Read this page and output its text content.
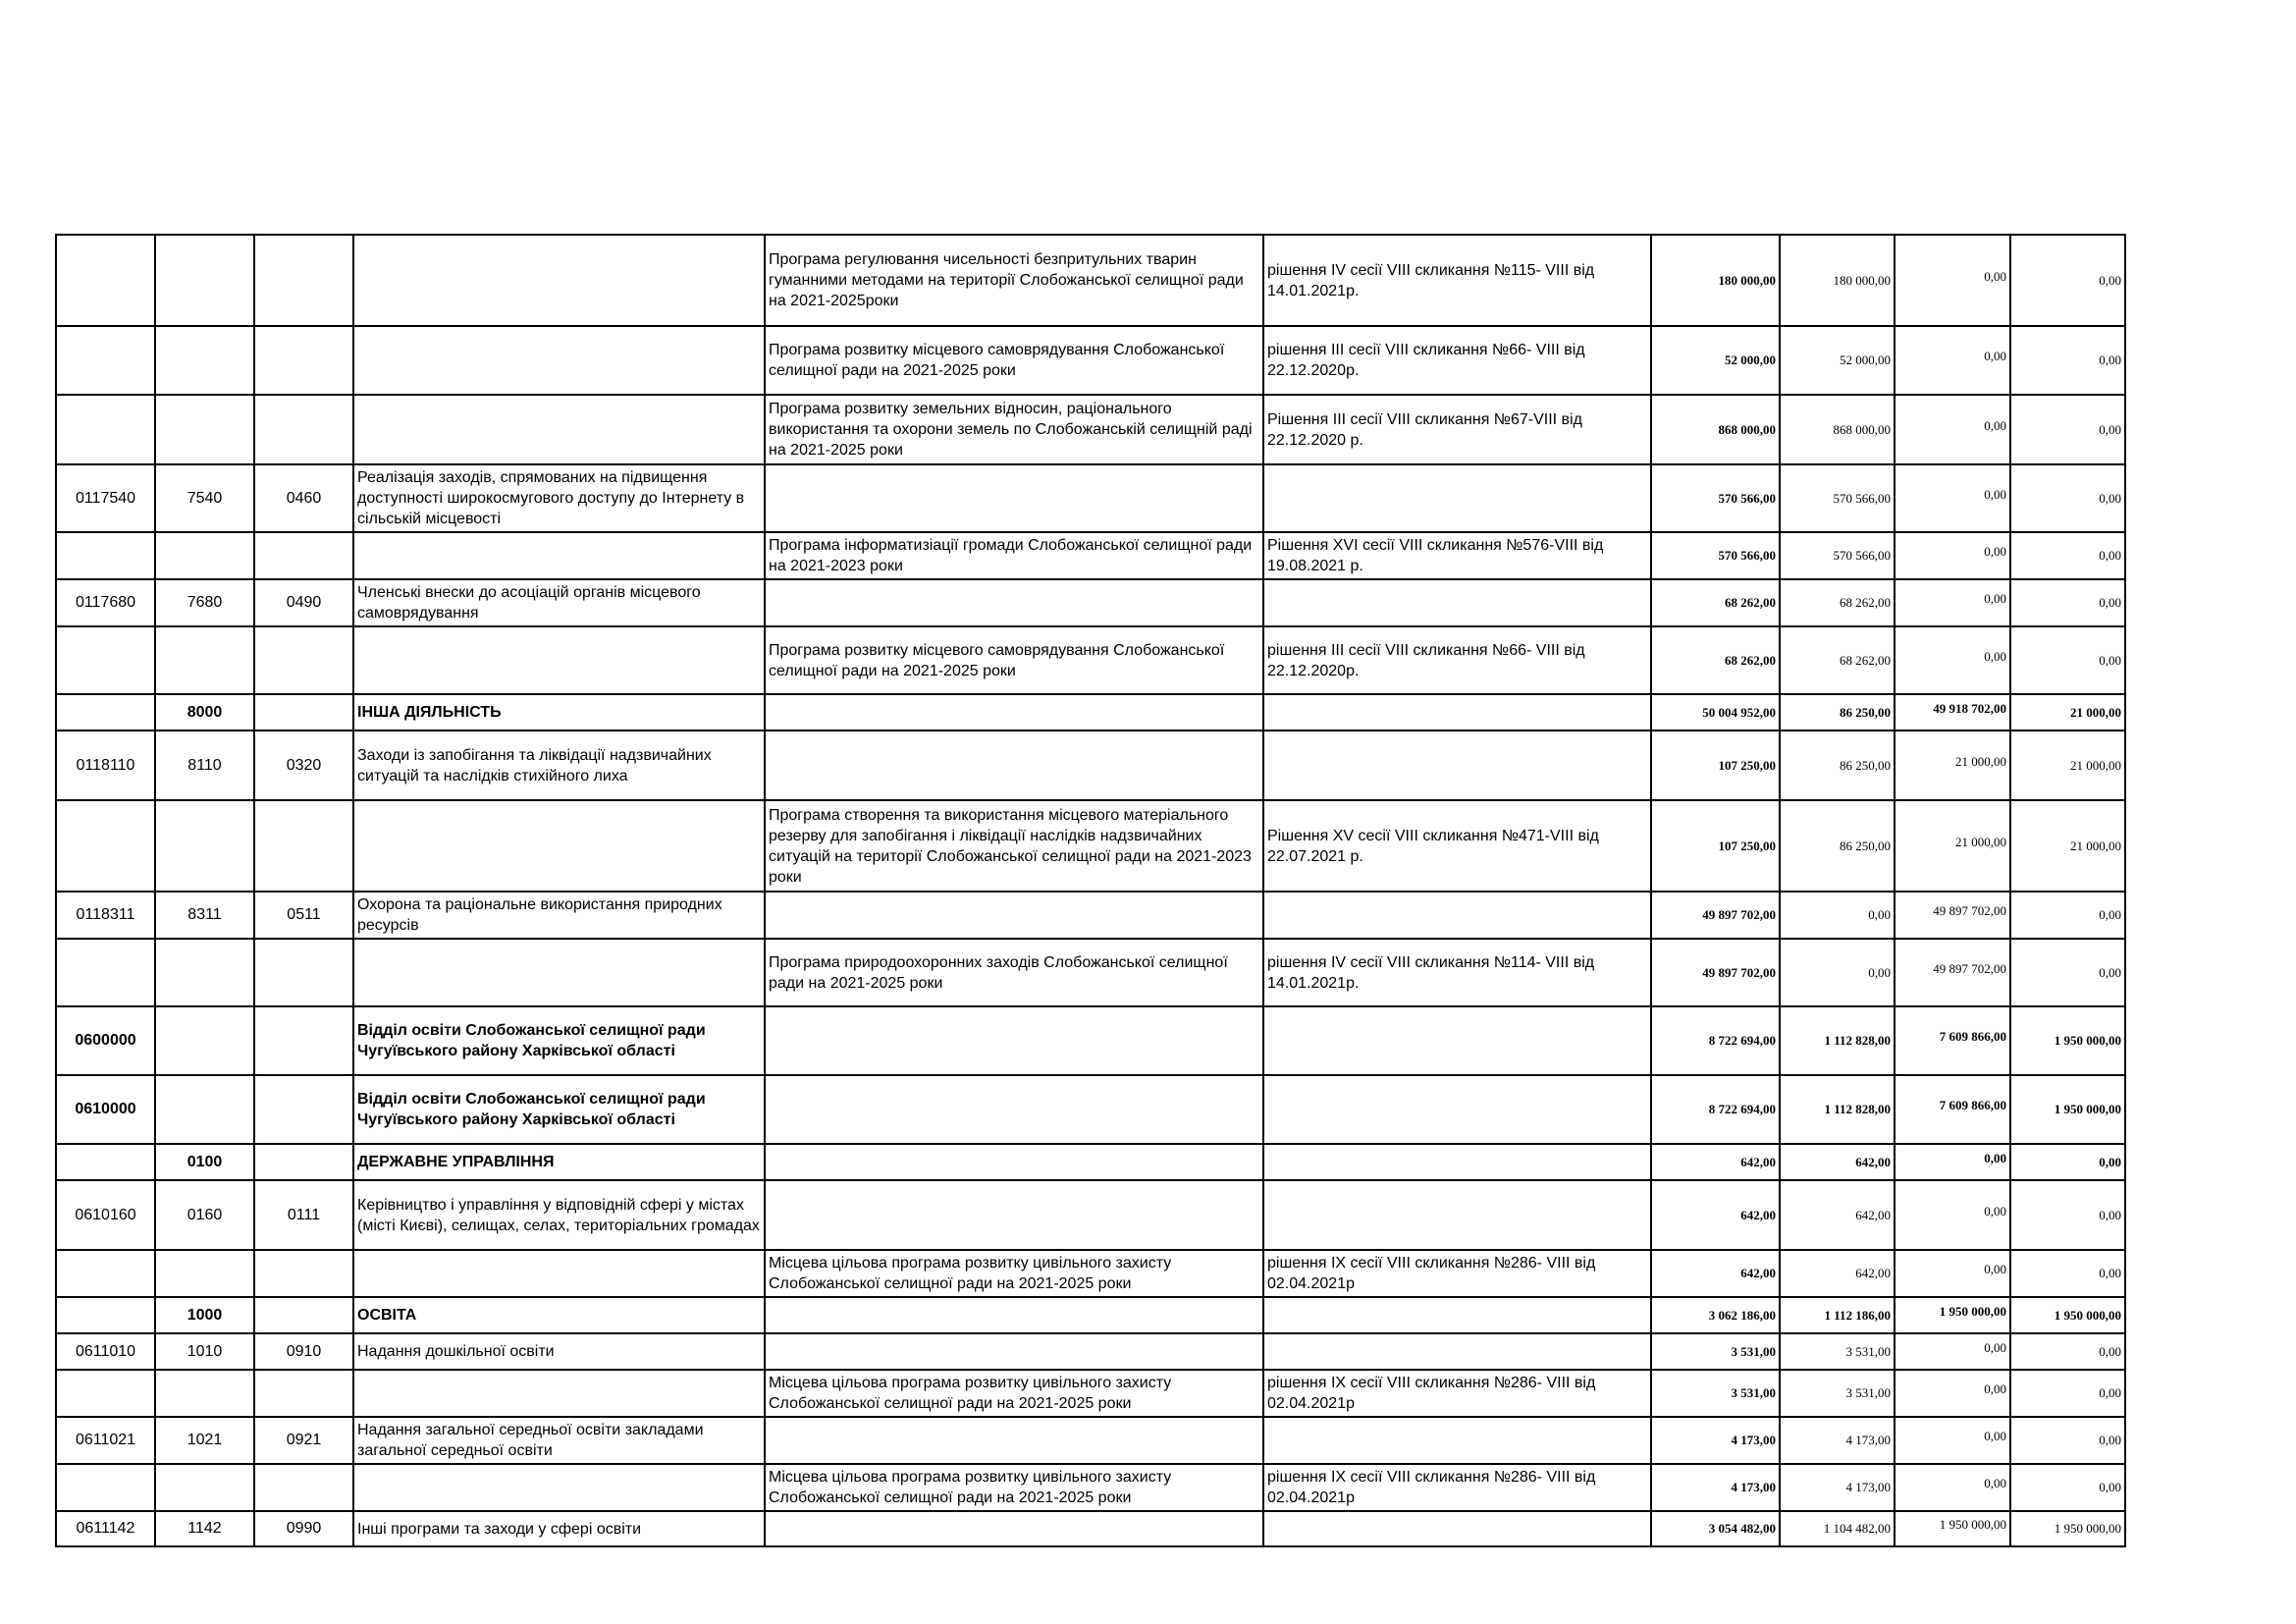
				Програма регулювання чисельності безпритульних тварин гуманними методами на території Слобожанської селищної ради на 2021-2025роки	рішення IV сесії VIII скликання №115- VIII від 14.01.2021р.	180 000,00	180 000,00	0,00	0,00
				Програма розвитку місцевого самоврядування Слобожанської селищної ради на 2021-2025 роки	рішення III сесії VIII скликання №66- VIII від 22.12.2020р.	52 000,00	52 000,00	0,00	0,00
				Програма розвитку земельних відносин, раціонального використання та охорони земель по Слобожанській селищній раді на 2021-2025 роки	Рішення III сесії VIII скликання №67-VIII від 22.12.2020 р.	868 000,00	868 000,00	0,00	0,00
0117540	7540	0460	Реалізація заходів, спрямованих на підвищення доступності широкосмугового доступу до Інтернету в сільській місцевості			570 566,00	570 566,00	0,00	0,00
				Програма інформатизіації громади Слобожанської селищної ради на 2021-2023 роки	Рішення XVI сесії VIII скликання №576-VIII від 19.08.2021 р.	570 566,00	570 566,00	0,00	0,00
0117680	7680	0490	Членські внески до асоціацій органів місцевого самоврядування			68 262,00	68 262,00	0,00	0,00
				Програма розвитку місцевого самоврядування Слобожанської селищної ради на 2021-2025 роки	рішення III сесії VIII скликання №66- VIII від 22.12.2020р.	68 262,00	68 262,00	0,00	0,00
	8000		ІНША ДІЯЛЬНІСТЬ			50 004 952,00	86 250,00	49 918 702,00	21 000,00
0118110	8110	0320	Заходи із запобігання та ліквідації надзвичайних ситуацій та наслідків стихійного лиха			107 250,00	86 250,00	21 000,00	21 000,00
				Програма створення та використання місцевого матеріального резерву для запобігання і ліквідації наслідків надзвичайних ситуацій на території Слобожанської селищної ради на 2021-2023 роки	Рішення XV сесії VIII скликання №471-VIII від 22.07.2021 р.	107 250,00	86 250,00	21 000,00	21 000,00
0118311	8311	0511	Охорона та раціональне використання природних ресурсів			49 897 702,00	0,00	49 897 702,00	0,00
				Програма природоохоронних заходів Слобожанської селищної ради на 2021-2025 роки	рішення IV сесії VIII скликання №114- VIII від 14.01.2021р.	49 897 702,00	0,00	49 897 702,00	0,00
0600000			Відділ освіти Слобожанської селищної ради Чугуївського району Харківської області			8 722 694,00	1 112 828,00	7 609 866,00	1 950 000,00
0610000			Відділ освіти Слобожанської селищної ради Чугуївського району Харківської області			8 722 694,00	1 112 828,00	7 609 866,00	1 950 000,00
	0100		ДЕРЖАВНЕ УПРАВЛІННЯ			642,00	642,00	0,00	0,00
0610160	0160	0111	Керівництво і управління у відповідній сфері у містах (місті Києві), селищах, селах, територіальних громадах			642,00	642,00	0,00	0,00
				Місцева цільова програма розвитку цивільного захисту Слобожанської селищної ради на 2021-2025 роки	рішення IX сесії VIII скликання №286- VIII від 02.04.2021р	642,00	642,00	0,00	0,00
	1000		ОСВІТА			3 062 186,00	1 112 186,00	1 950 000,00	1 950 000,00
0611010	1010	0910	Надання дошкільної освіти			3 531,00	3 531,00	0,00	0,00
				Місцева цільова програма розвитку цивільного захисту Слобожанської селищної ради на 2021-2025 роки	рішення IX сесії VIII скликання №286- VIII від 02.04.2021р	3 531,00	3 531,00	0,00	0,00
0611021	1021	0921	Надання загальної середньої освіти закладами загальної середньої освіти			4 173,00	4 173,00	0,00	0,00
				Місцева цільова програма розвитку цивільного захисту Слобожанської селищної ради на 2021-2025 роки	рішення IX сесії VIII скликання №286- VIII від 02.04.2021р	4 173,00	4 173,00	0,00	0,00
0611142	1142	0990	Інші програми та заходи у сфері освіти			3 054 482,00	1 104 482,00	1 950 000,00	1 950 000,00
